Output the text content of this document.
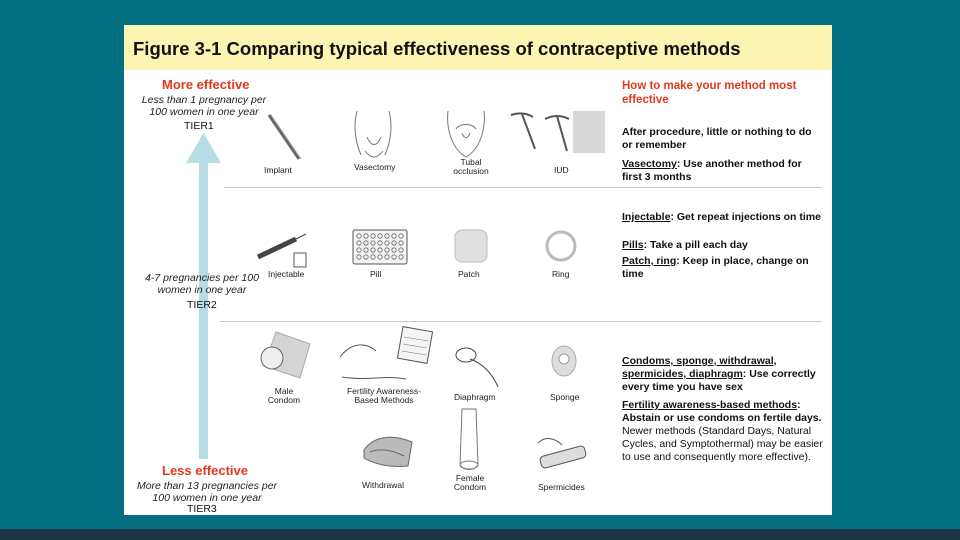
Figure 3-1 Comparing typical effectiveness of contraceptive methods
More effective
Less than 1 pregnancy per 100 women in one year
TIER1
4-7 pregnancies per 100 women in one year
TIER2
Less effective
More than 13 pregnancies per 100 women in one year
TIER3
Implant	Vasectomy	Tubal occlusion	IUD
How to make your method most effective
After procedure, little or nothing to do or remember
Vasectomy: Use another method for first 3 months
Injectable	Pill	Patch	Ring
Injectable: Get repeat injections on time
Pills: Take a pill each day
Patch, ring: Keep in place, change on time
Male Condom
Fertility Awareness-Based Methods	Diaphragm	Sponge
Withdrawal
Female Condom	Spermicides
Condoms, sponge, withdrawal, spermicides, diaphragm: Use correctly every time you have sex
Fertility awareness-based methods: Abstain or use condoms on fertile days. Newer methods (Standard Days, Natural Cycles, and Symptothermal) may be easier to use and consequently more effective).
